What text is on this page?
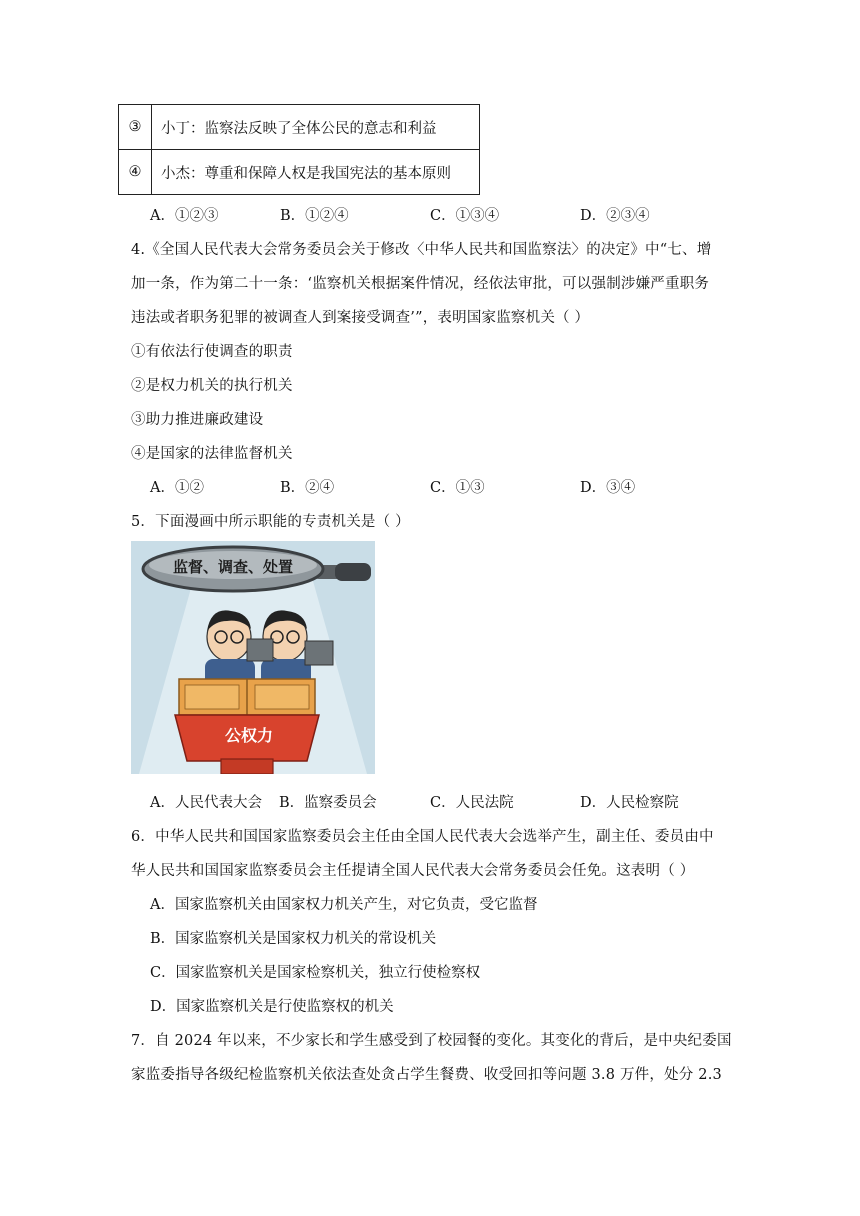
③	小丁：监察法反映了全体公民的意志和利益
④	小杰：尊重和保障人权是我国宪法的基本原则
A．①②③	B．①②④	C．①③④	D．②③④
4.《全国人民代表大会常务委员会关于修改〈中华人民共和国监察法〉的决定》中“七、增
加一条，作为第二十一条：‘监察机关根据案件情况，经依法审批，可以强制涉嫌严重职务
违法或者职务犯罪的被调查人到案接受调查’”，表明国家监察机关（ ）
①有依法行使调查的职责
②是权力机关的执行机关
③助力推进廉政建设
④是国家的法律监督机关
A．①②	B．②④	C．①③	D．③④
5．下面漫画中所示职能的专责机关是（ ）
监督、调查、处置
公权力
A．人民代表大会 B．监察委员会	C．人民法院	D．人民检察院
6．中华人民共和国国家监察委员会主任由全国人民代表大会选举产生，副主任、委员由中
华人民共和国国家监察委员会主任提请全国人民代表大会常务委员会任免。这表明（ ）
A．国家监察机关由国家权力机关产生，对它负责，受它监督
B．国家监察机关是国家权力机关的常设机关
C．国家监察机关是国家检察机关，独立行使检察权
D．国家监察机关是行使监察权的机关
7．自 2024 年以来，不少家长和学生感受到了校园餐的变化。其变化的背后，是中央纪委国
家监委指导各级纪检监察机关依法查处贪占学生餐费、收受回扣等问题 3.8 万件，处分 2.3
